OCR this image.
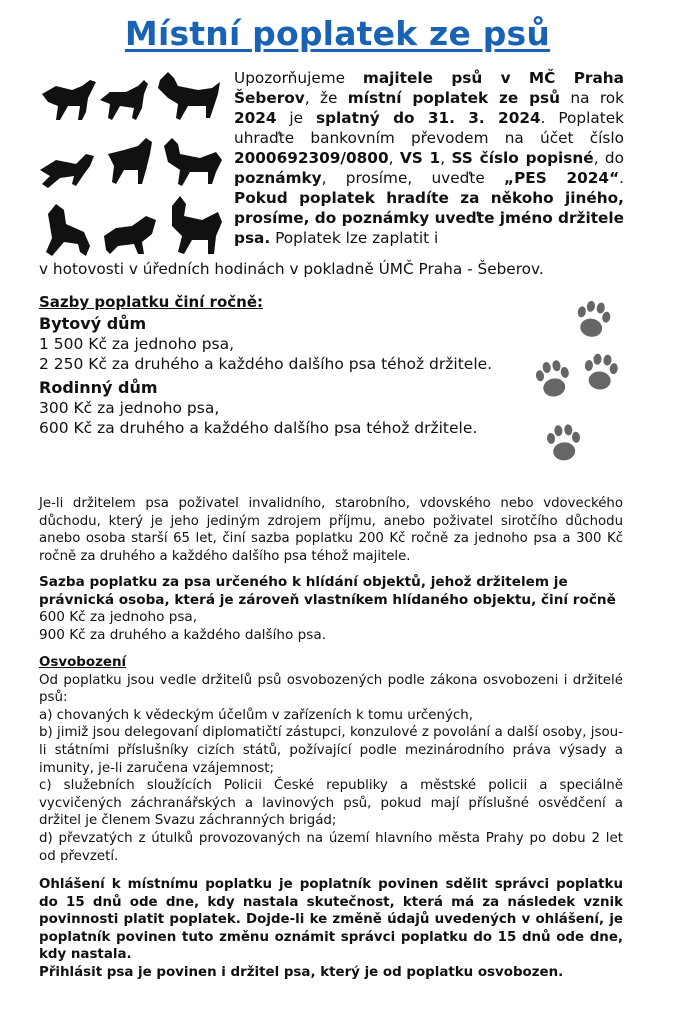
Místní poplatek ze psů

Upozorňujeme majitele psů v MČ Praha Šeberov, že místní poplatek ze psů na rok 2024 je splatný do 31. 3. 2024. Poplatek uhraďte bankovním převodem na účet číslo 2000692309/0800, VS 1, SS číslo popisné, do poznámky, prosíme, uveďte „PES 2024“. Pokud poplatek hradíte za někoho jiného, prosíme, do poznámky uveďte jméno držitele psa. Poplatek lze zaplatit i

v hotovosti v úředních hodinách v pokladně ÚMČ Praha - Šeberov.
Sazby poplatku činí ročně:
Bytový dům
1 500 Kč za jednoho psa,
2 250 Kč za druhého a každého dalšího psa téhož držitele.
Rodinný dům
300 Kč za jednoho psa,
600 Kč za druhého a každého dalšího psa téhož držitele.

Je-li držitelem psa poživatel invalidního, starobního, vdovského nebo vdoveckého důchodu, který je jeho jediným zdrojem příjmu, anebo poživatel sirotčího důchodu anebo osoba starší 65 let, činí sazba poplatku 200 Kč ročně za jednoho psa a 300 Kč ročně za druhého a každého dalšího psa téhož majitele.

Sazba poplatku za psa určeného k hlídání objektů, jehož držitelem je právnická osoba, která je zároveň vlastníkem hlídaného objektu, činí ročně

600 Kč za jednoho psa,

900 Kč za druhého a každého dalšího psa.

Osvobození

Od poplatku jsou vedle držitelů psů osvobozených podle zákona osvobozeni i držitelé psů:

a) chovaných k vědeckým účelům v zařízeních k tomu určených,

b) jimiž jsou delegovaní diplomatičtí zástupci, konzulové z povolání a další osoby, jsou-li státními příslušníky cizích států, požívající podle mezinárodního práva výsady a imunity, je-li zaručena vzájemnost;

c) služebních sloužících Policii České republiky a městské policii a speciálně vycvičených záchranářských a lavinových psů, pokud mají příslušné osvědčení a držitel je členem Svazu záchranných brigád;

d) převzatých z útulků provozovaných na území hlavního města Prahy po dobu 2 let od převzetí.

Ohlášení k místnímu poplatku je poplatník povinen sdělit správci poplatku do 15 dnů ode dne, kdy nastala skutečnost, která má za následek vznik povinnosti platit poplatek. Dojde-li ke změně údajů uvedených v ohlášení, je poplatník povinen tuto změnu oznámit správci poplatku do 15 dnů ode dne, kdy nastala.

Přihlásit psa je povinen i držitel psa, který je od poplatku osvobozen.
